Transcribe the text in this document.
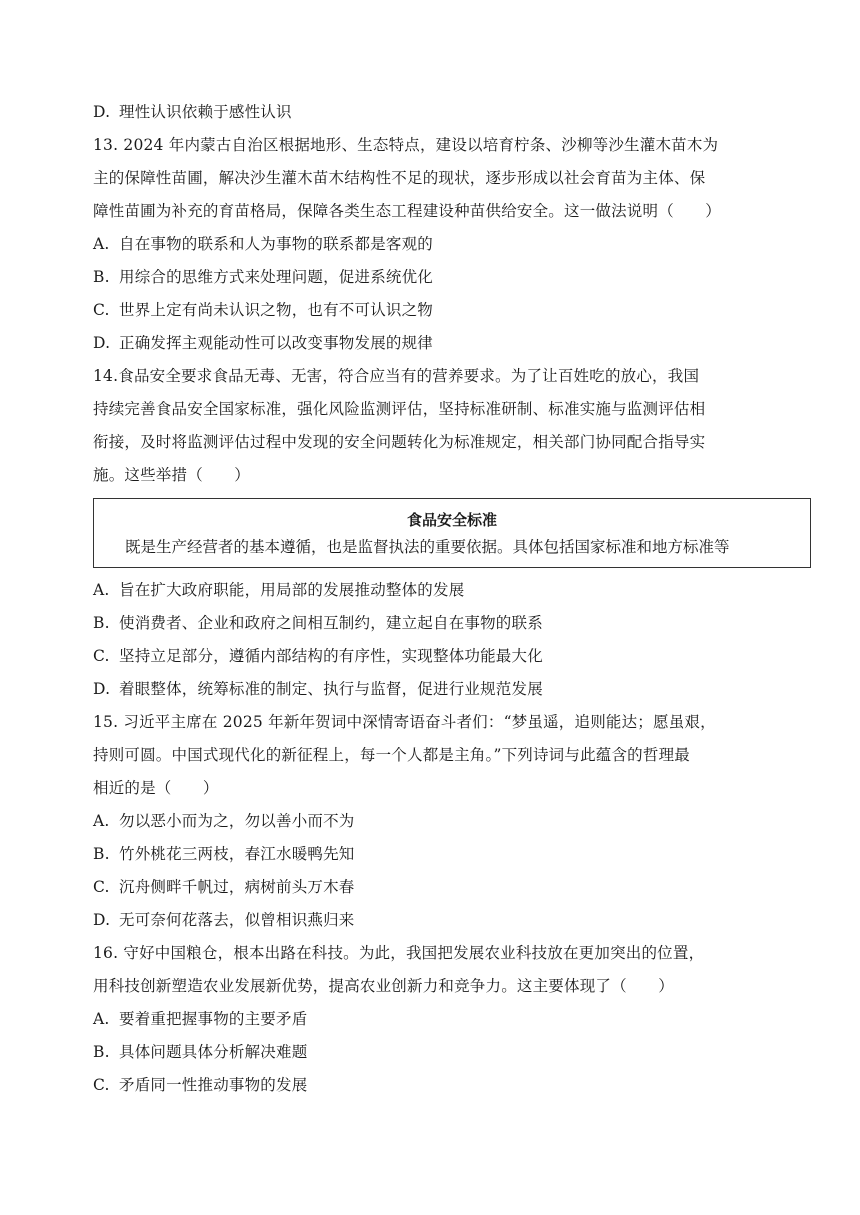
D. 理性认识依赖于感性认识
13. 2024 年内蒙古自治区根据地形、生态特点，建设以培育柠条、沙柳等沙生灌木苗木为
主的保障性苗圃，解决沙生灌木苗木结构性不足的现状，逐步形成以社会育苗为主体、保
障性苗圃为补充的育苗格局，保障各类生态工程建设种苗供给安全。这一做法说明（　　）
A. 自在事物的联系和人为事物的联系都是客观的
B. 用综合的思维方式来处理问题，促进系统优化
C. 世界上定有尚未认识之物，也有不可认识之物
D. 正确发挥主观能动性可以改变事物发展的规律
14.食品安全要求食品无毒、无害，符合应当有的营养要求。为了让百姓吃的放心，我国
持续完善食品安全国家标准，强化风险监测评估，坚持标准研制、标准实施与监测评估相
衔接，及时将监测评估过程中发现的安全问题转化为标准规定，相关部门协同配合指导实
施。这些举措（　　）
食品安全标准
既是生产经营者的基本遵循，也是监督执法的重要依据。具体包括国家标准和地方标准等
A. 旨在扩大政府职能，用局部的发展推动整体的发展
B. 使消费者、企业和政府之间相互制约，建立起自在事物的联系
C. 坚持立足部分，遵循内部结构的有序性，实现整体功能最大化
D. 着眼整体，统筹标准的制定、执行与监督，促进行业规范发展
15. 习近平主席在 2025 年新年贺词中深情寄语奋斗者们：“梦虽遥，追则能达；愿虽艰，
持则可圆。中国式现代化的新征程上，每一个人都是主角。”下列诗词与此蕴含的哲理最
相近的是（　　）
A. 勿以恶小而为之，勿以善小而不为
B. 竹外桃花三两枝，春江水暖鸭先知
C. 沉舟侧畔千帆过，病树前头万木春
D. 无可奈何花落去，似曾相识燕归来
16. 守好中国粮仓，根本出路在科技。为此，我国把发展农业科技放在更加突出的位置，
用科技创新塑造农业发展新优势，提高农业创新力和竞争力。这主要体现了（　　）
A. 要着重把握事物的主要矛盾
B. 具体问题具体分析解决难题
C. 矛盾同一性推动事物的发展
